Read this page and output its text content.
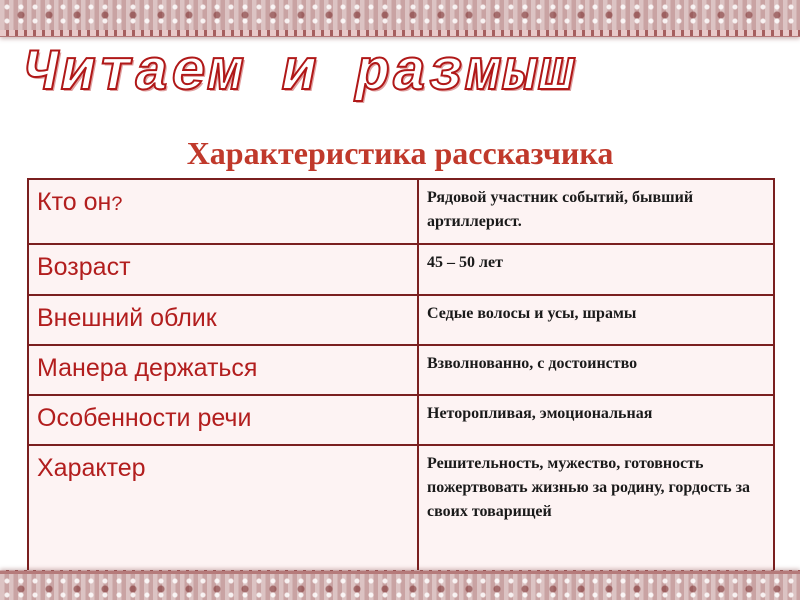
Читаем и размыш
Характеристика рассказчика
Кто он?	Рядовой участник событий, бывший артиллерист.
Возраст	45 – 50 лет
Внешний облик	Седые волосы и усы, шрамы
Манера держаться	Взволнованно, с достоинство
Особенности речи	Неторопливая, эмоциональная
Характер	Решительность, мужество, готовность пожертвовать жизнью за родину, гордость за своих товарищей
